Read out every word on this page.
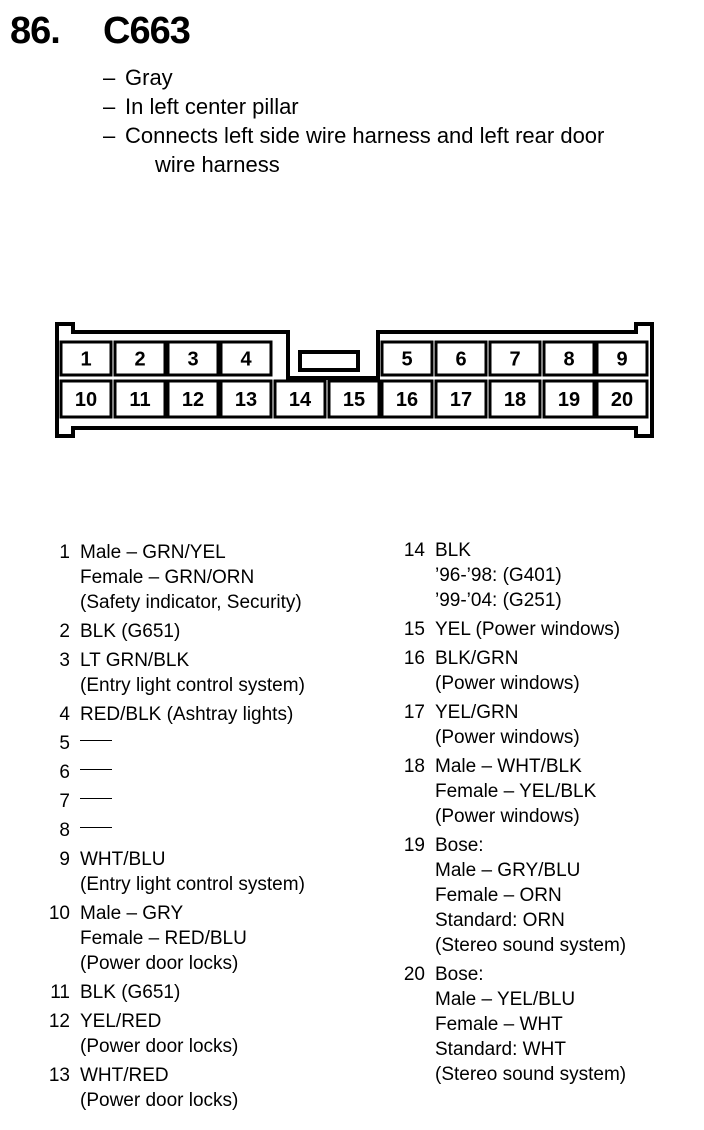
86. C663
– Gray
– In left center pillar
– Connects left side wire harness and left rear door
wire harness
1 2 3 4	5 6 7 8 9
10 11 12 13 14 15 16 17 18 19 20
1 Male – GRN/YEL
Female – GRN/ORN
(Safety indicator, Security)
2 BLK (G651)
3 LT GRN/BLK
(Entry light control system)
4 RED/BLK (Ashtray lights)
5

6

7

8

9 WHT/BLU
(Entry light control system)
10 Male – GRY
Female – RED/BLU
(Power door locks)
11 BLK (G651)
12 YEL/RED
(Power door locks)
13 WHT/RED
(Power door locks)
14 BLK
’96-’98: (G401)
’99-’04: (G251)
15 YEL (Power windows)
16 BLK/GRN
(Power windows)
17 YEL/GRN
(Power windows)
18 Male – WHT/BLK
Female – YEL/BLK
(Power windows)
19 Bose:
Male – GRY/BLU
Female – ORN
Standard: ORN
(Stereo sound system)
20 Bose:
Male – YEL/BLU
Female – WHT
Standard: WHT
(Stereo sound system)
